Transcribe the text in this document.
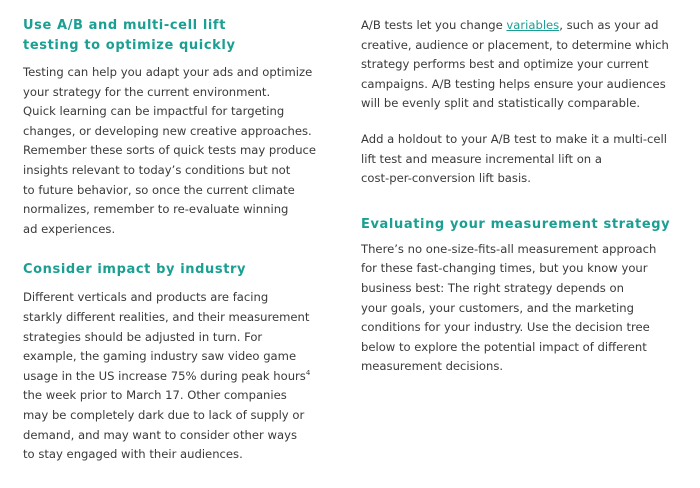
Use A/B and multi-cell lift
testing to optimize quickly

Testing can help you adapt your ads and optimize
your strategy for the current environment.
Quick learning can be impactful for targeting
changes, or developing new creative approaches.
Remember these sorts of quick tests may produce
insights relevant to today’s conditions but not
to future behavior, so once the current climate
normalizes, remember to re-evaluate winning
ad experiences.

Consider impact by industry

Different verticals and products are facing
starkly different realities, and their measurement
strategies should be adjusted in turn. For
example, the gaming industry saw video game
usage in the US increase 75% during peak hours$^4$
the week prior to March 17. Other companies
may be completely dark due to lack of supply or
demand, and may want to consider other ways
to stay engaged with their audiences.

A/B tests let you change variables, such as your ad
creative, audience or placement, to determine which
strategy performs best and optimize your current
campaigns. A/B testing helps ensure your audiences
will be evenly split and statistically comparable.

Add a holdout to your A/B test to make it a multi-cell
lift test and measure incremental lift on a
cost-per-conversion lift basis.

Evaluating your measurement strategy

There’s no one-size-fits-all measurement approach
for these fast-changing times, but you know your
business best: The right strategy depends on
your goals, your customers, and the marketing
conditions for your industry. Use the decision tree
below to explore the potential impact of different
measurement decisions.
